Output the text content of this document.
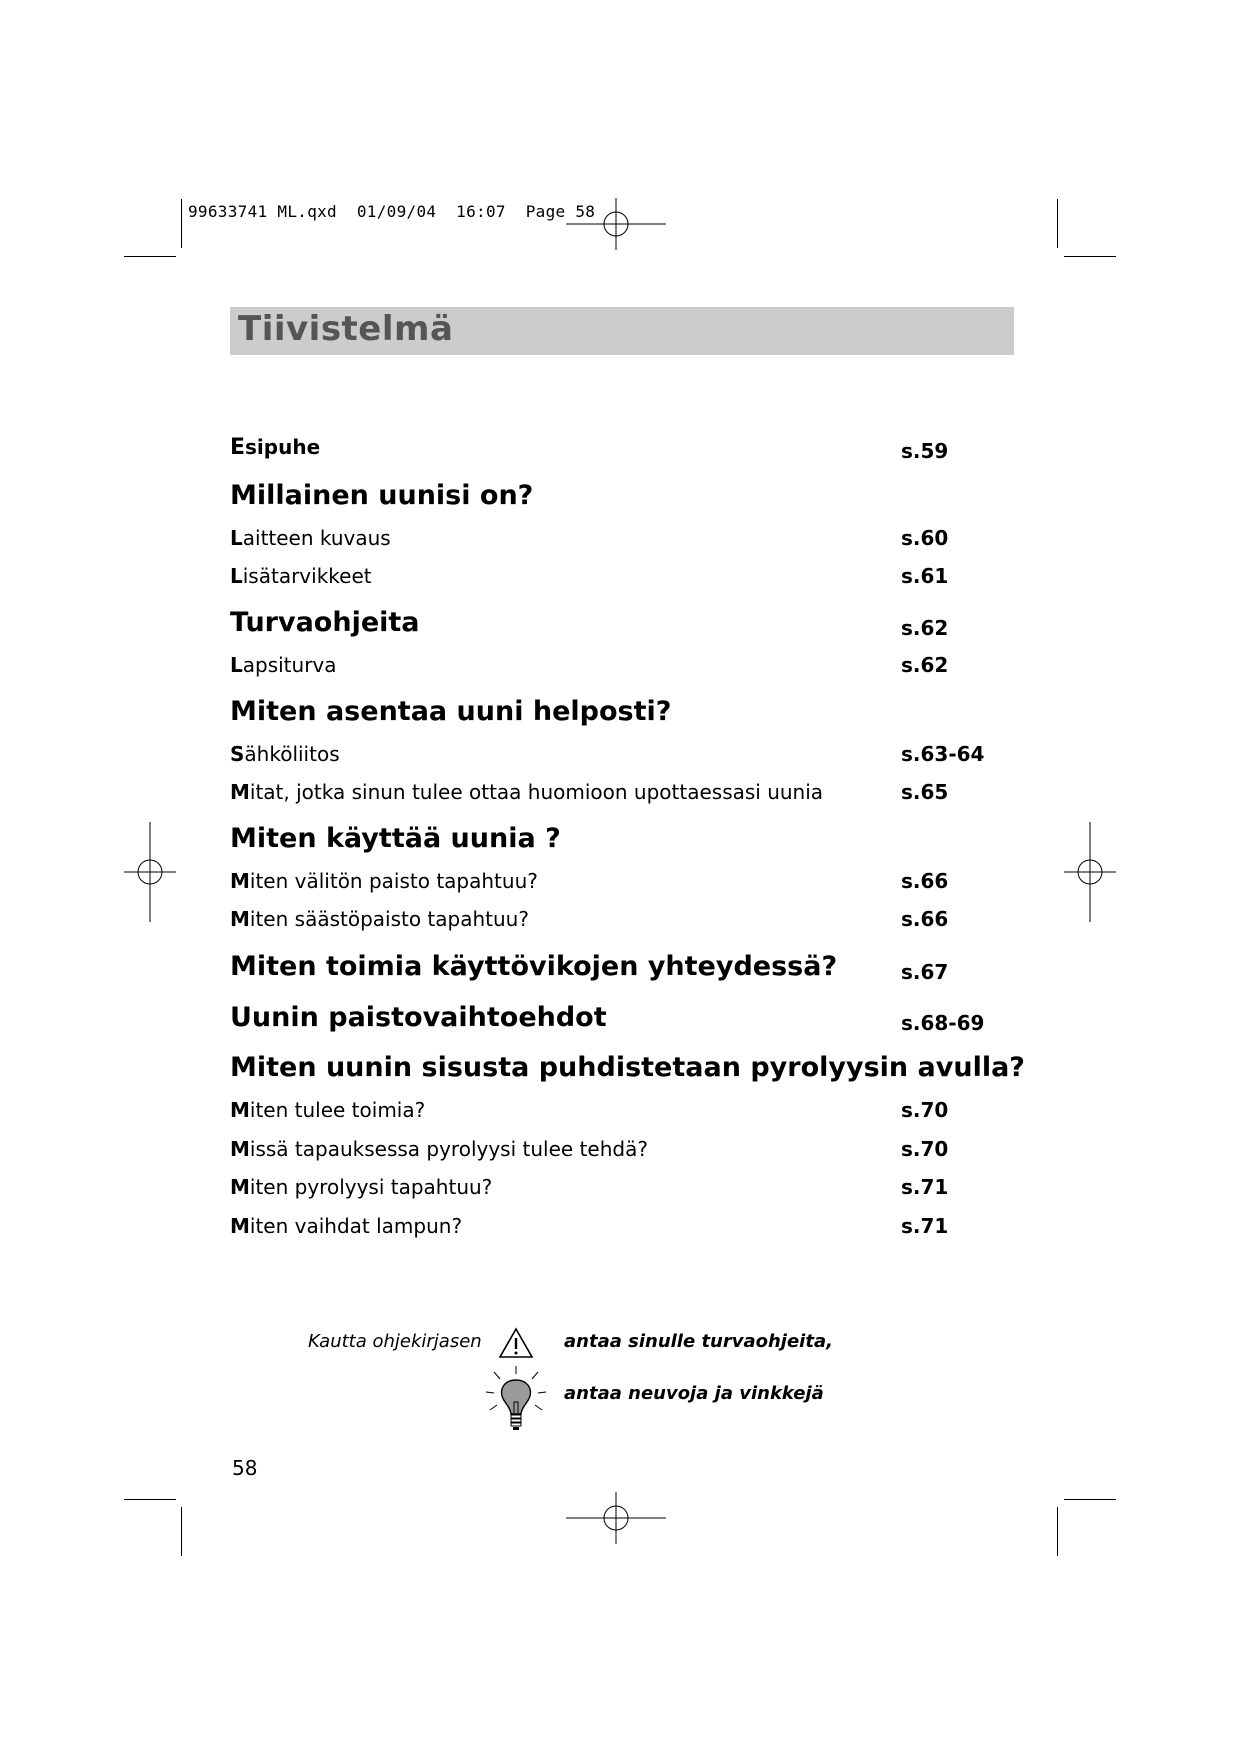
99633741 ML.qxd  01/09/04  16:07  Page 58
Tiivistelmä
Esipuhe	s.59
Millainen uunisi on?
Laitteen kuvaus	s.60
Lisätarvikkeet	s.61
Turvaohjeita	s.62
Lapsiturva	s.62
Miten asentaa uuni helposti?
Sähköliitos	s.63-64
Mitat, jotka sinun tulee ottaa huomioon upottaessasi uunia	s.65
Miten käyttää uunia ?
Miten välitön paisto tapahtuu?	s.66
Miten säästöpaisto tapahtuu?	s.66
Miten toimia käyttövikojen yhteydessä?	s.67
Uunin paistovaihtoehdot	s.68-69
Miten uunin sisusta puhdistetaan pyrolyysin avulla?
Miten tulee toimia?	s.70
Missä tapauksessa pyrolyysi tulee tehdä?	s.70
Miten pyrolyysi tapahtuu?	s.71
Miten vaihdat lampun?	s.71
Kautta ohjekirjasen	antaa sinulle turvaohjeita,
antaa neuvoja ja vinkkejä
58
